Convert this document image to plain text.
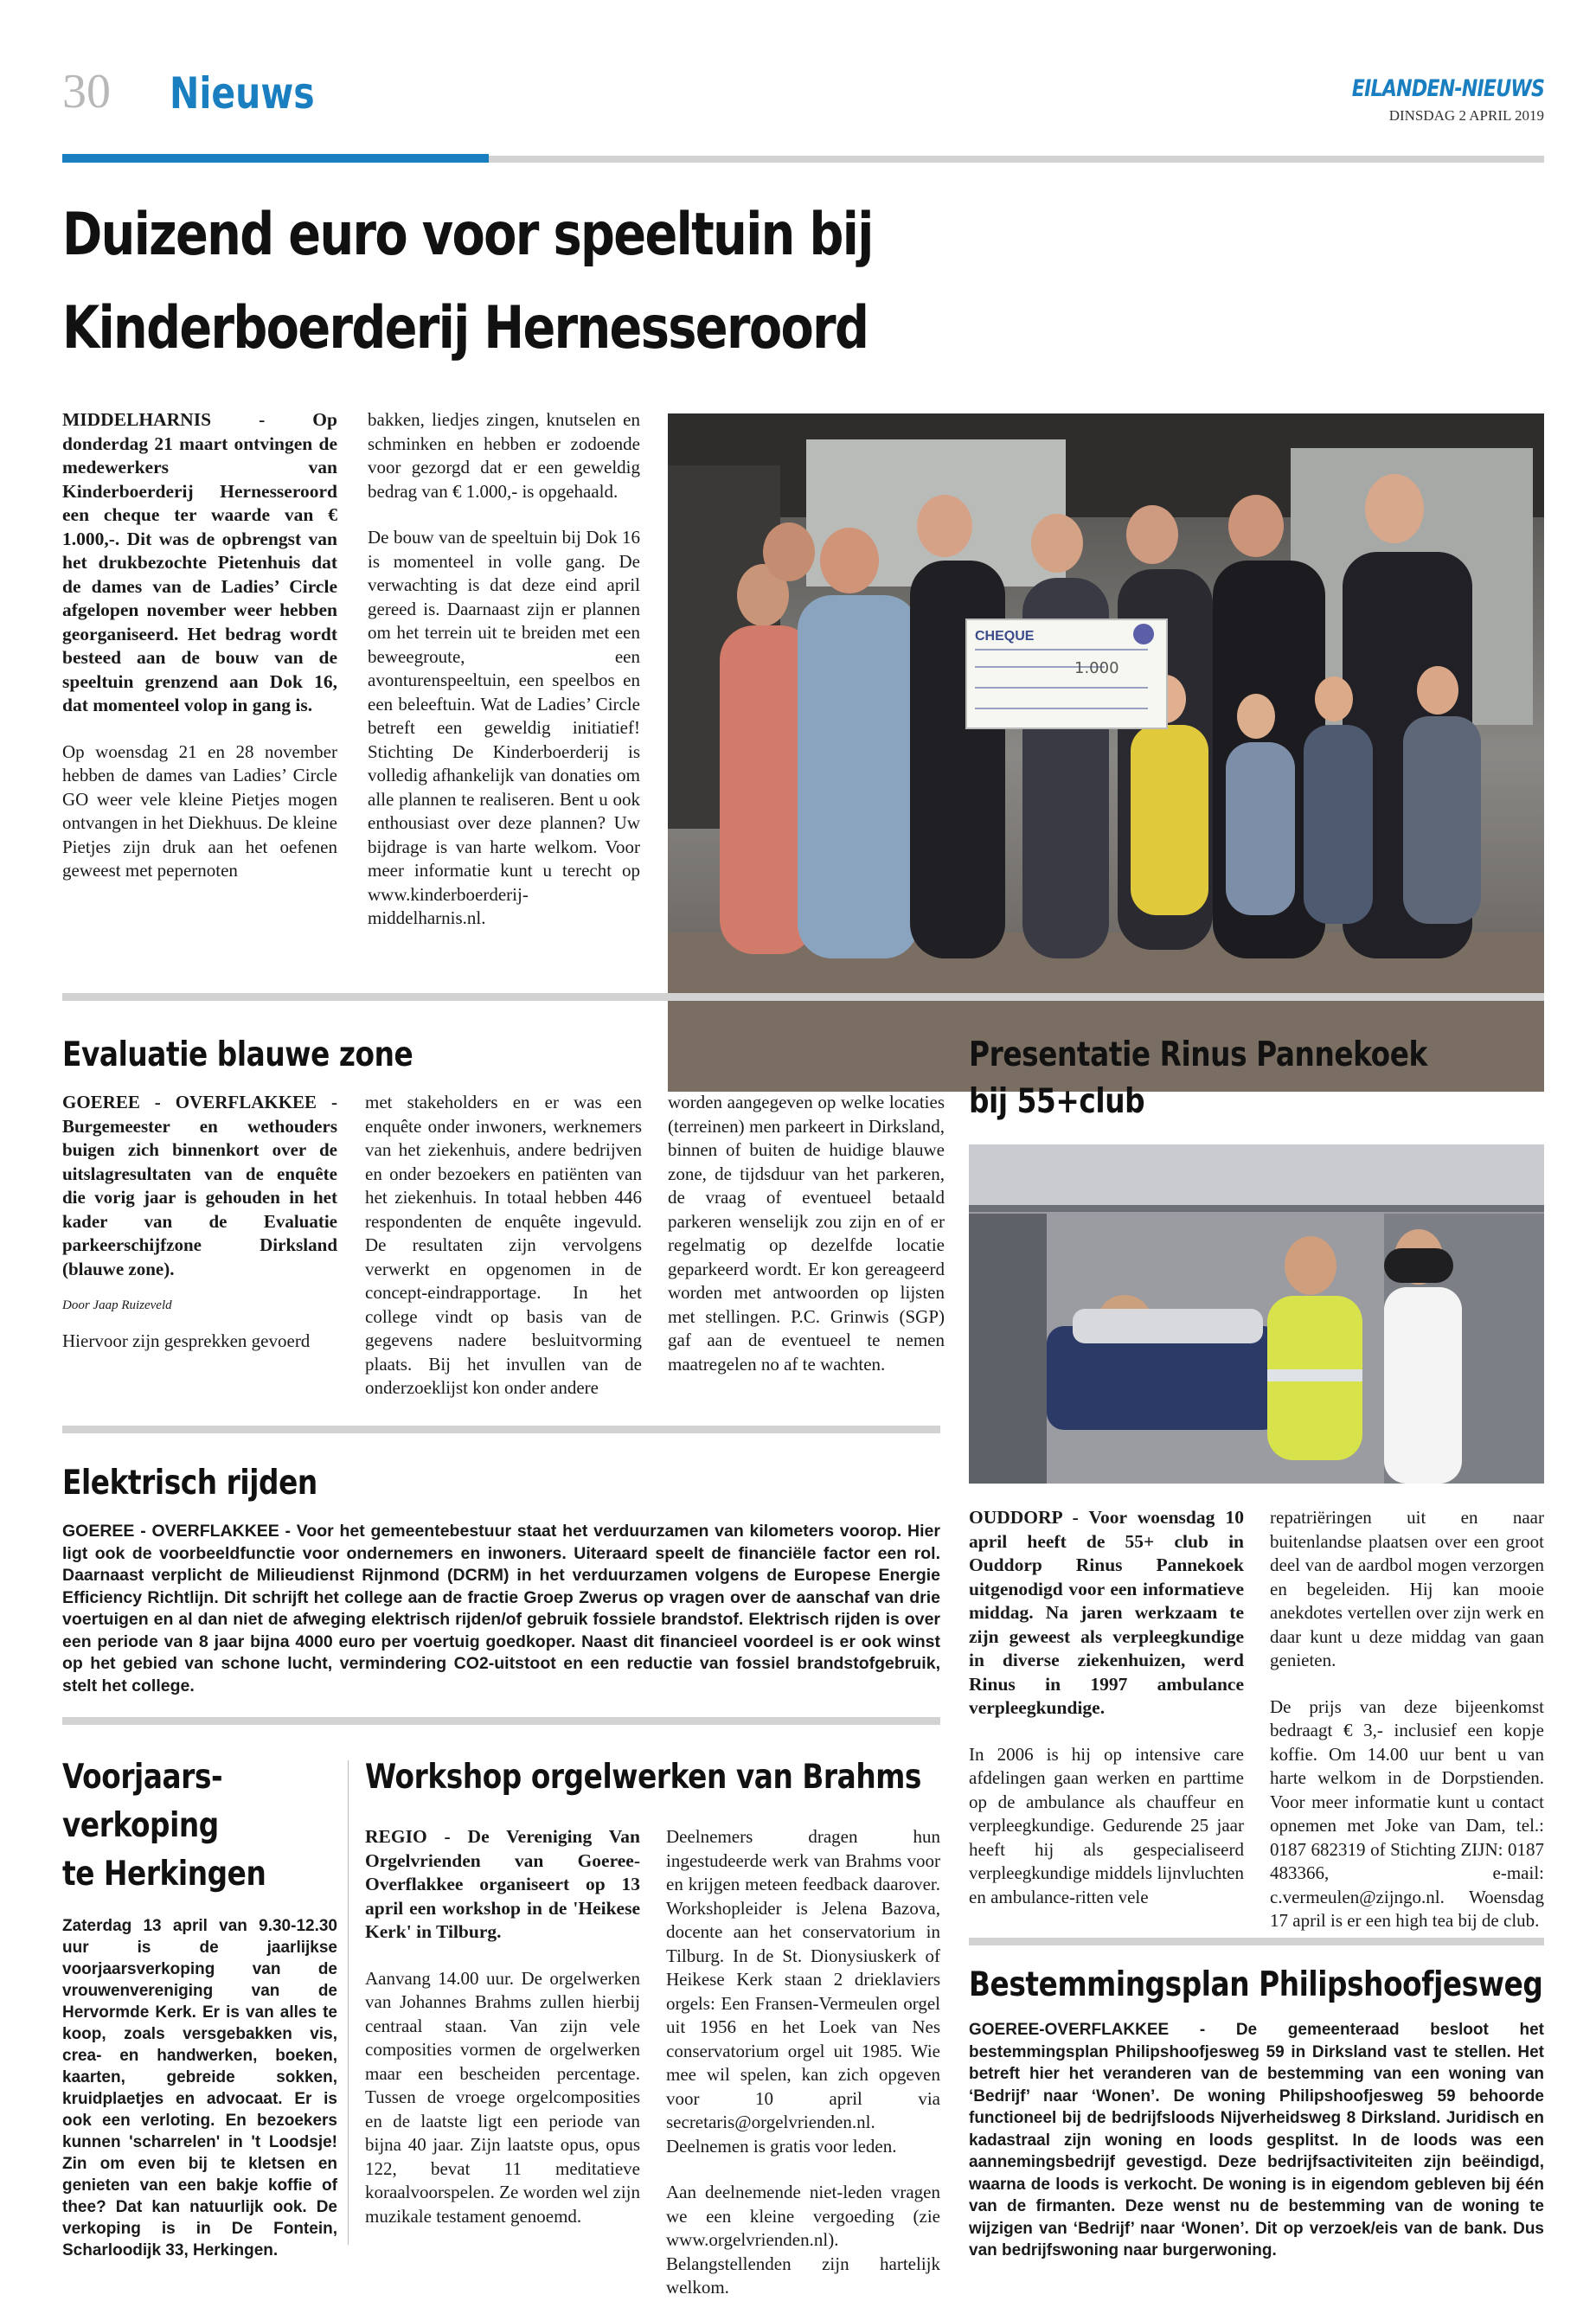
30 Nieuws	EILANDEN-NIEUWS
DINSDAG 2 APRIL 2019
Duizend euro voor speeltuin bij
Kinderboerderij Hernesseroord

MIDDELHARNIS - Op donderdag 21 maart ontvingen de medewerkers van Kinderboerderij Hernesseroord een cheque ter waarde van € 1.000,-. Dit was de opbrengst van het drukbezochte Pietenhuis dat de dames van de Ladies’ Circle afgelopen november weer hebben georganiseerd. Het bedrag wordt besteed aan de bouw van de speeltuin grenzend aan Dok 16, dat momenteel volop in gang is.

Op woensdag 21 en 28 november hebben de dames van Ladies’ Circle GO weer vele kleine Pietjes mogen ontvangen in het Diekhuus. De kleine Pietjes zijn druk aan het oefenen geweest met pepernoten

bakken, liedjes zingen, knutselen en schminken en hebben er zodoende voor gezorgd dat er een geweldig bedrag van € 1.000,- is opgehaald.

De bouw van de speeltuin bij Dok 16 is momenteel in volle gang. De verwachting is dat deze eind april gereed is. Daarnaast zijn er plannen om het terrein uit te breiden met een beweegroute, een avonturenspeeltuin, een speelbos en een beleeftuin. Wat de Ladies’ Circle betreft een geweldig initiatief! Stichting De Kinderboerderij is volledig afhankelijk van donaties om alle plannen te realiseren. Bent u ook enthousiast over deze plannen? Uw bijdrage is van harte welkom. Voor meer informatie kunt u terecht op www.kinderboerderij-middelharnis.nl.

CHEQUE
1.000
Evaluatie blauwe zone

GOEREE - OVERFLAKKEE - Burgemeester en wethouders buigen zich binnenkort over de uitslagresultaten van de enquête die vorig jaar is gehouden in het kader van de Evaluatie parkeerschijfzone Dirksland (blauwe zone).

Door Jaap Ruizeveld

Hiervoor zijn gesprekken gevoerd

met stakeholders en er was een enquête onder inwoners, werknemers van het ziekenhuis, andere bedrijven en onder bezoekers en patiënten van het ziekenhuis. In totaal hebben 446 respondenten de enquête ingevuld. De resultaten zijn vervolgens verwerkt en opgenomen in de concept-eindrapportage. In het college vindt op basis van de gegevens nadere besluitvorming plaats. Bij het invullen van de onderzoeklijst kon onder andere

worden aangegeven op welke locaties (terreinen) men parkeert in Dirksland, binnen of buiten de huidige blauwe zone, de tijdsduur van het parkeren, de vraag of eventueel betaald parkeren wenselijk zou zijn en of er regelmatig op dezelfde locatie geparkeerd wordt. Er kon gereageerd worden met antwoorden op lijsten met stellingen. P.C. Grinwis (SGP) gaf aan de eventueel te nemen maatregelen no af te wachten.

Presentatie Rinus Pannekoek
bij 55+club

OUDDORP - Voor woensdag 10 april heeft de 55+ club in Ouddorp Rinus Pannekoek uitgenodigd voor een informatieve middag. Na jaren werkzaam te zijn geweest als verpleegkundige in diverse ziekenhuizen, werd Rinus in 1997 ambulance verpleegkundige.

In 2006 is hij op intensive care afdelingen gaan werken en parttime op de ambulance als chauffeur en verpleegkundige. Gedurende 25 jaar heeft hij als gespecialiseerd verpleegkundige middels lijnvluchten en ambulance-ritten vele

repatriëringen uit en naar buitenlandse plaatsen over een groot deel van de aardbol mogen verzorgen en begeleiden. Hij kan mooie anekdotes vertellen over zijn werk en daar kunt u deze middag van gaan genieten.

De prijs van deze bijeenkomst bedraagt € 3,- inclusief een kopje koffie. Om 14.00 uur bent u van harte welkom in de Dorpstienden. Voor meer informatie kunt u contact opnemen met Joke van Dam, tel.: 0187 682319 of Stichting ZIJN: 0187 483366, e-mail: c.vermeulen@zijngo.nl. Woensdag 17 april is er een high tea bij de club.

Elektrisch rijden

GOEREE - OVERFLAKKEE - Voor het gemeentebestuur staat het verduurzamen van kilometers voorop. Hier ligt ook de voorbeeldfunctie voor ondernemers en inwoners. Uiteraard speelt de financiële factor een rol. Daarnaast verplicht de Milieudienst Rijnmond (DCRM) in het verduurzamen volgens de Europese Energie Efficiency Richtlijn. Dit schrijft het college aan de fractie Groep Zwerus op vragen over de aanschaf van drie voertuigen en al dan niet de afweging elektrisch rijden/of gebruik fossiele brandstof. Elektrisch rijden is over een periode van 8 jaar bijna 4000 euro per voertuig goedkoper. Naast dit financieel voordeel is er ook winst op het gebied van schone lucht, vermindering CO2-uitstoot en een reductie van fossiel brandstofgebruik, stelt het college.

Voorjaars-
verkoping
te Herkingen

Zaterdag 13 april van 9.30-12.30 uur is de jaarlijkse voorjaarsverkoping van de vrouwenvereniging van de Hervormde Kerk. Er is van alles te koop, zoals versgebakken vis, crea- en handwerken, boeken, kaarten, gebreide sokken, kruidplaetjes en advocaat. Er is ook een verloting. En bezoekers kunnen 'scharrelen' in 't Loodsje! Zin om even bij te kletsen en genieten van een bakje koffie of thee? Dat kan natuurlijk ook. De verkoping is in De Fontein, Scharloodijk 33, Herkingen.

Workshop orgelwerken van Brahms

REGIO - De Vereniging Van Orgelvrienden van Goeree-Overflakkee organiseert op 13 april een workshop in de 'Heikese Kerk' in Tilburg.

Aanvang 14.00 uur. De orgelwerken van Johannes Brahms zullen hierbij centraal staan. Van zijn vele composities vormen de orgelwerken maar een bescheiden percentage. Tussen de vroege orgelcomposities en de laatste ligt een periode van bijna 40 jaar. Zijn laatste opus, opus 122, bevat 11 meditatieve koraalvoorspelen. Ze worden wel zijn muzikale testament genoemd.

Deelnemers dragen hun ingestudeerde werk van Brahms voor en krijgen meteen feedback daarover. Workshopleider is Jelena Bazova, docente aan het conservatorium in Tilburg. In de St. Dionysiuskerk of Heikese Kerk staan 2 drieklaviers orgels: Een Fransen-Vermeulen orgel uit 1956 en het Loek van Nes conservatorium orgel uit 1985. Wie mee wil spelen, kan zich opgeven voor 10 april via secretaris@orgelvrienden.nl. Deelnemen is gratis voor leden.

Aan deelnemende niet-leden vragen we een kleine vergoeding (zie www.orgelvrienden.nl). Belangstellenden zijn hartelijk welkom.

Bestemmingsplan Philipshoofjesweg

GOEREE-OVERFLAKKEE - De gemeenteraad besloot het bestemmingsplan Philipshoofjesweg 59 in Dirksland vast te stellen. Het betreft hier het veranderen van de bestemming van een woning van ‘Bedrijf’ naar ‘Wonen’. De woning Philipshoofjesweg 59 behoorde functioneel bij de bedrijfsloods Nijverheidsweg 8 Dirksland. Juridisch en kadastraal zijn woning en loods gesplitst. In de loods was een aannemingsbedrijf gevestigd. Deze bedrijfsactiviteiten zijn beëindigd, waarna de loods is verkocht. De woning is in eigendom gebleven bij één van de firmanten. Deze wenst nu de bestemming van de woning te wijzigen van ‘Bedrijf’ naar ‘Wonen’. Dit op verzoek/eis van de bank. Dus van bedrijfswoning naar burgerwoning.
